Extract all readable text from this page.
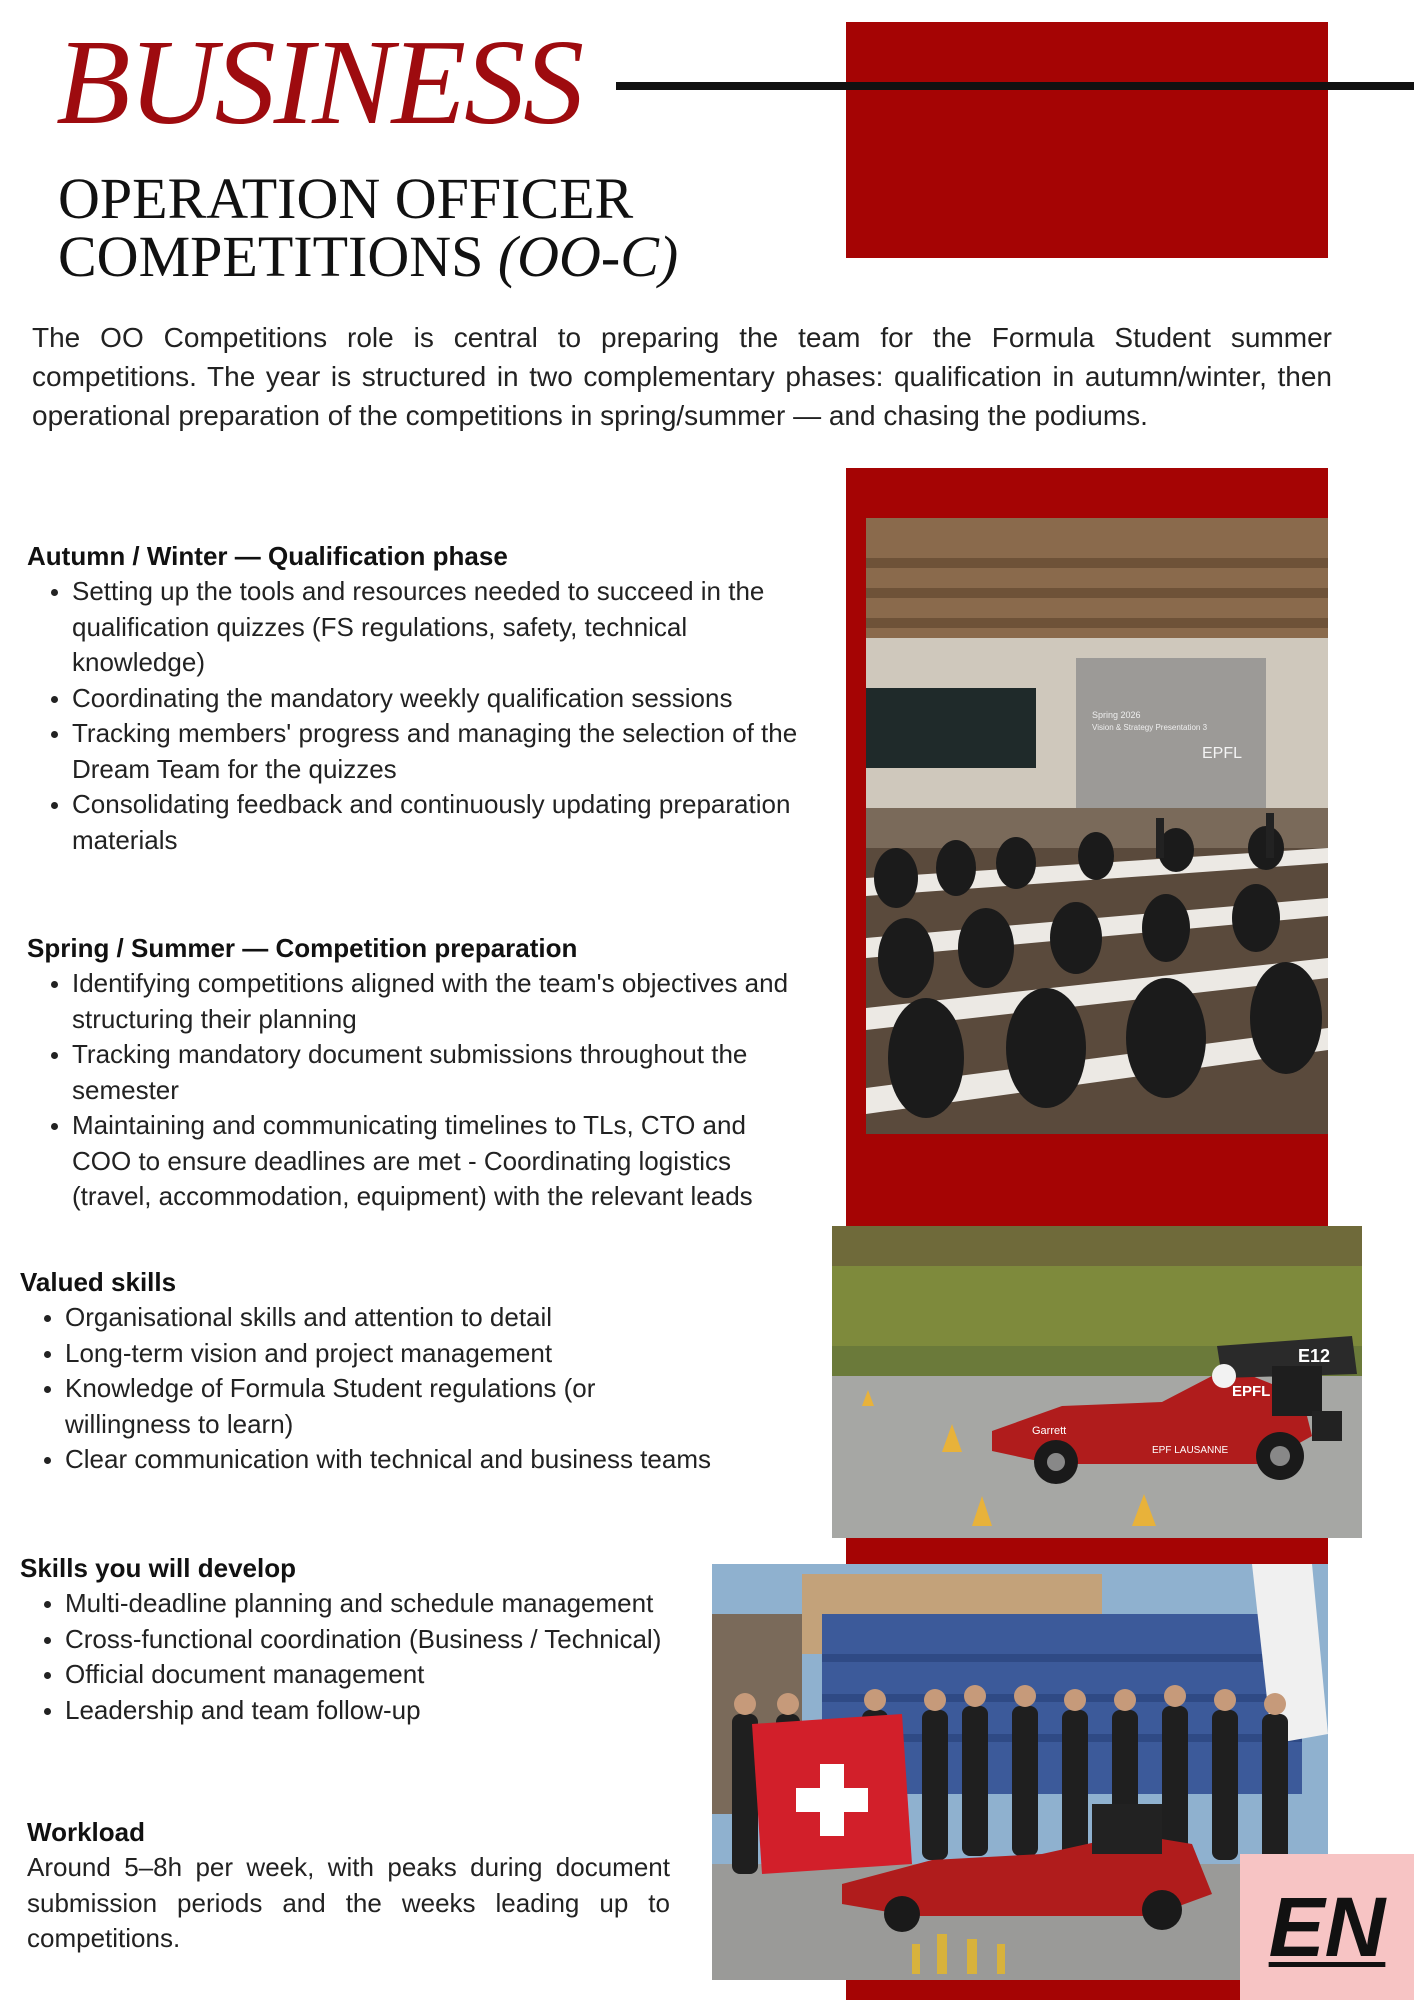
BUSINESS
OPERATION OFFICER
COMPETITIONS (OO-C)

The OO Competitions role is central to preparing the team for the Formula Student summer competitions. The year is structured in two complementary phases: qualification in autumn/winter, then operational preparation of the competitions in spring/summer — and chasing the podiums.

Spring 2026
Vision & Strategy Presentation 3
EPFL
E12
EPFL
Garrett
EPF LAUSANNE
EN
Autumn / Winter — Qualification phase
• Setting up the tools and resources needed to succeed in the qualification quizzes (FS regulations, safety, technical knowledge)
• Coordinating the mandatory weekly qualification sessions
• Tracking members' progress and managing the selection of the Dream Team for the quizzes
• Consolidating feedback and continuously updating preparation materials
Spring / Summer — Competition preparation
• Identifying competitions aligned with the team's objectives and structuring their planning
• Tracking mandatory document submissions throughout the semester
• Maintaining and communicating timelines to TLs, CTO and COO to ensure deadlines are met - Coordinating logistics (travel, accommodation, equipment) with the relevant leads
Valued skills
• Organisational skills and attention to detail
• Long-term vision and project management
• Knowledge of Formula Student regulations (or willingness to learn)
• Clear communication with technical and business teams
Skills you will develop
• Multi-deadline planning and schedule management
• Cross-functional coordination (Business / Technical)
• Official document management
• Leadership and team follow-up
Workload

Around 5–8h per week, with peaks during document submission periods and the weeks leading up to competitions.
